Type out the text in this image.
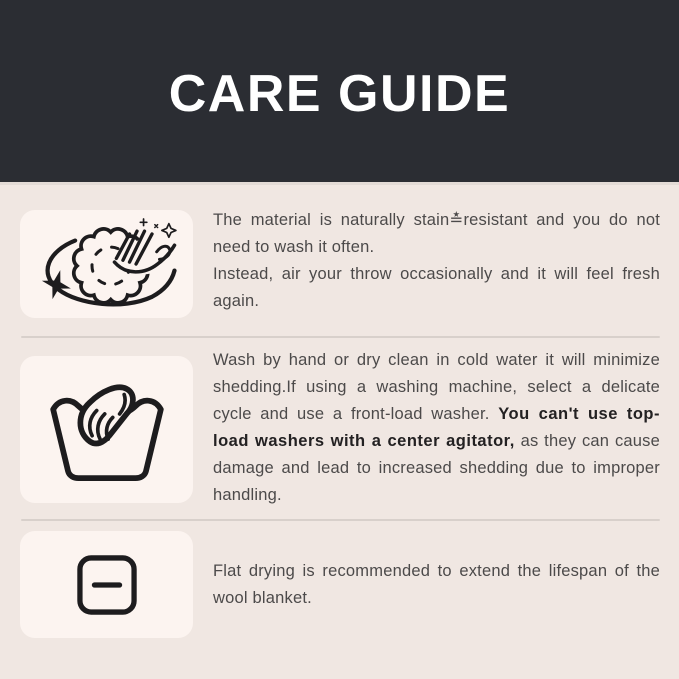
CARE GUIDE

The material is naturally stain≛resistant and you do not need to wash it often.
Instead, air your throw occasionally and it will feel fresh again.

Wash by hand or dry clean in cold water it will minimize shedding.If using a washing machine, select a delicate cycle and use a front-load washer. You can't use top-load washers with a center agitator, as they can cause damage and lead to increased shedding due to improper handling.

Flat drying is recommended to extend the lifespan of the wool blanket.
